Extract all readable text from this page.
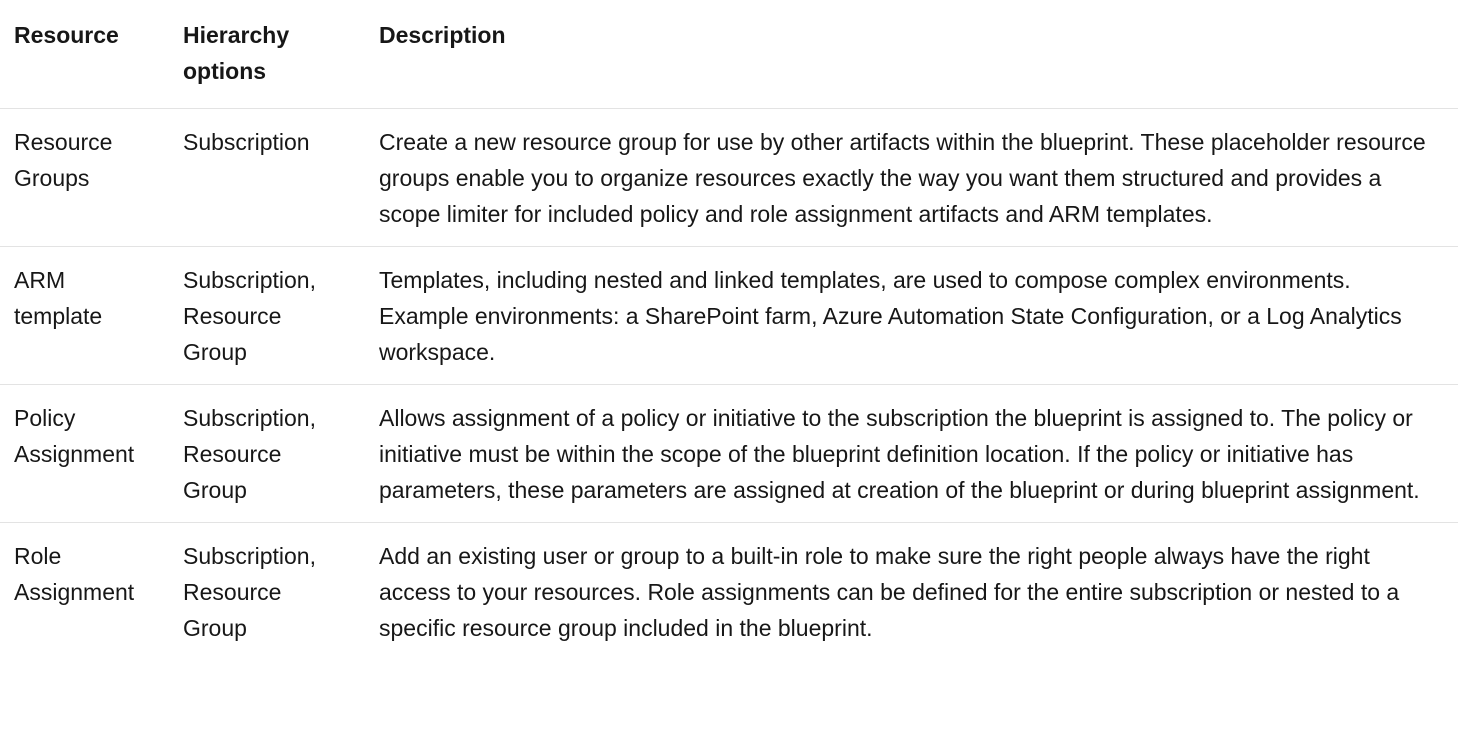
Resource	Hierarchy options	Description
Resource Groups	Subscription	Create a new resource group for use by other artifacts within the blueprint. These placeholder resource groups enable you to organize resources exactly the way you want them structured and provides a scope limiter for included policy and role assignment artifacts and ARM templates.
ARM template	Subscription, Resource Group	Templates, including nested and linked templates, are used to compose complex environments. Example environments: a SharePoint farm, Azure Automation State Configuration, or a Log Analytics workspace.
Policy Assignment	Subscription, Resource Group	Allows assignment of a policy or initiative to the subscription the blueprint is assigned to. The policy or initiative must be within the scope of the blueprint definition location. If the policy or initiative has parameters, these parameters are assigned at creation of the blueprint or during blueprint assignment.
Role Assignment	Subscription, Resource Group	Add an existing user or group to a built-in role to make sure the right people always have the right access to your resources. Role assignments can be defined for the entire subscription or nested to a specific resource group included in the blueprint.
